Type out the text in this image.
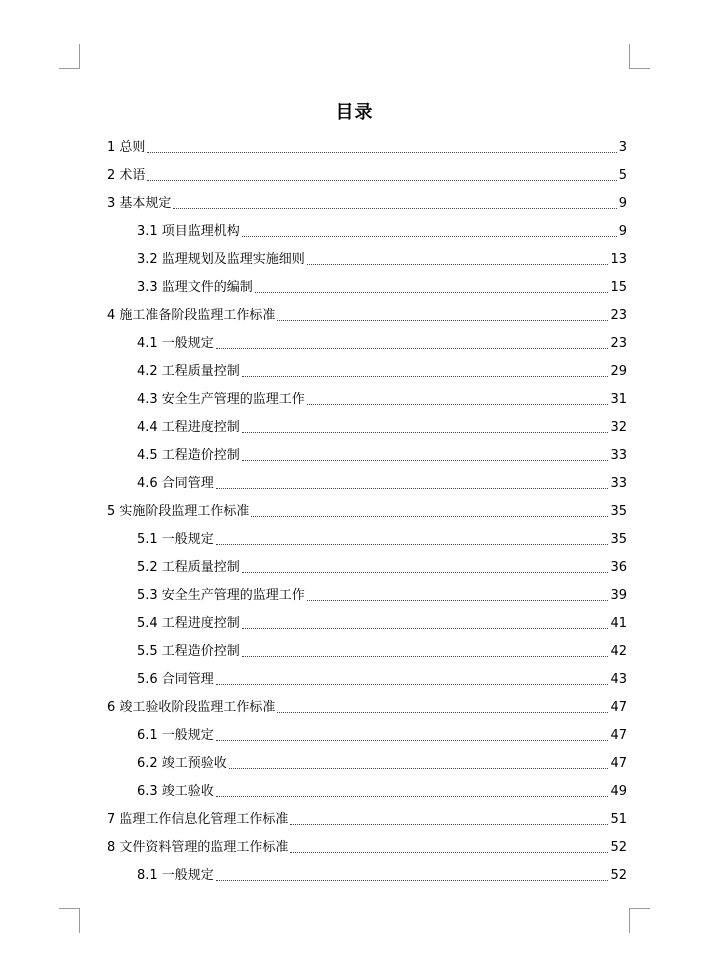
目录
1 总则	3
2 术语	5
3 基本规定	9
3.1 项目监理机构	9
3.2 监理规划及监理实施细则	13
3.3 监理文件的编制	15
4 施工准备阶段监理工作标准	23
4.1 一般规定	23
4.2 工程质量控制	29
4.3 安全生产管理的监理工作	31
4.4 工程进度控制	32
4.5 工程造价控制	33
4.6 合同管理	33
5 实施阶段监理工作标准	35
5.1 一般规定	35
5.2 工程质量控制	36
5.3 安全生产管理的监理工作	39
5.4 工程进度控制	41
5.5 工程造价控制	42
5.6 合同管理	43
6 竣工验收阶段监理工作标准	47
6.1 一般规定	47
6.2 竣工预验收	47
6.3 竣工验收	49
7 监理工作信息化管理工作标准	51
8 文件资料管理的监理工作标准	52
8.1 一般规定	52
